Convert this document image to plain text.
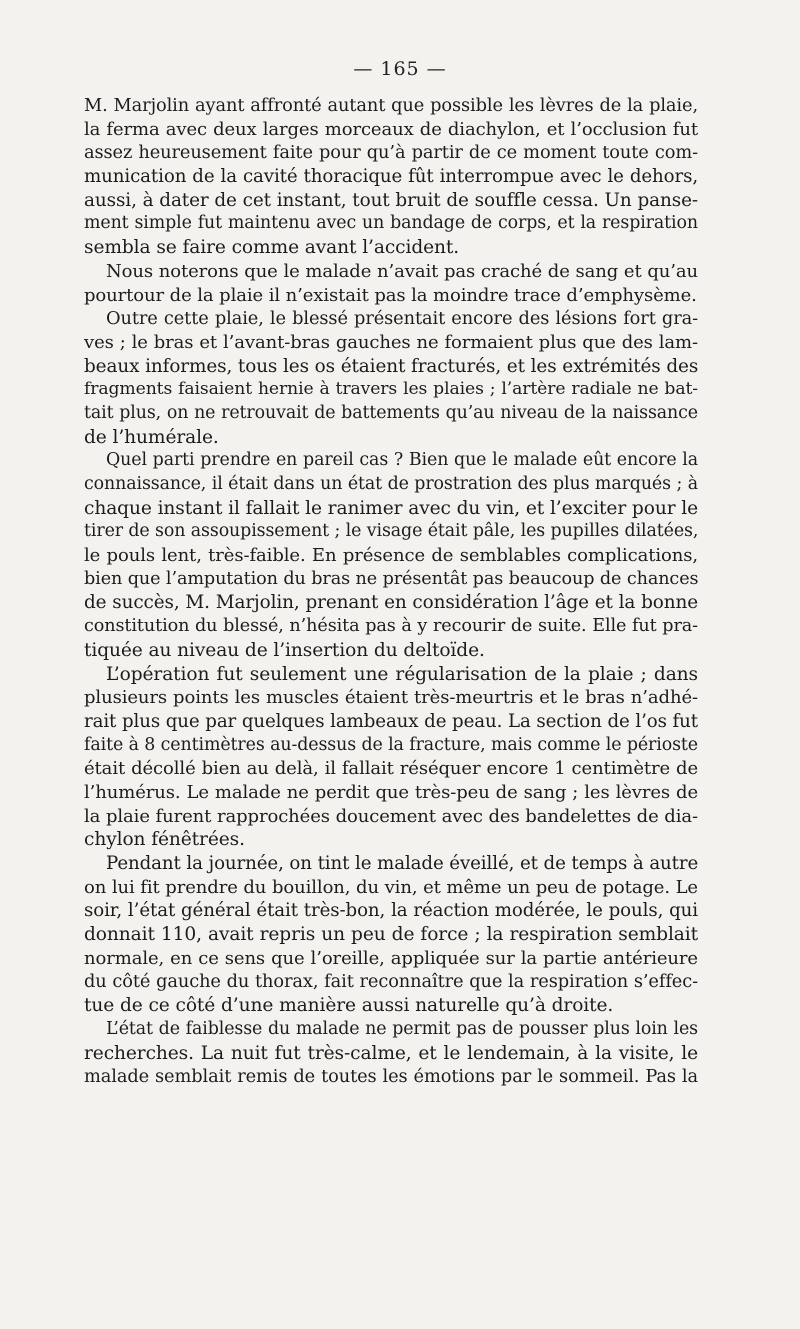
— 165 —
M. Marjolin ayant affronté autant que possible les lèvres de la plaie,
la ferma avec deux larges morceaux de diachylon, et l’occlusion fut
assez heureusement faite pour qu’à partir de ce moment toute com-
munication de la cavité thoracique fût interrompue avec le dehors,
aussi, à dater de cet instant, tout bruit de souffle cessa. Un panse-
ment simple fut maintenu avec un bandage de corps, et la respiration
sembla se faire comme avant l’accident.
Nous noterons que le malade n’avait pas craché de sang et qu’au
pourtour de la plaie il n’existait pas la moindre trace d’emphysème.
Outre cette plaie, le blessé présentait encore des lésions fort gra-
ves ; le bras et l’avant-bras gauches ne formaient plus que des lam-
beaux informes, tous les os étaient fracturés, et les extrémités des
fragments faisaient hernie à travers les plaies ; l’artère radiale ne bat-
tait plus, on ne retrouvait de battements qu’au niveau de la naissance
de l’humérale.
Quel parti prendre en pareil cas ? Bien que le malade eût encore la
connaissance, il était dans un état de prostration des plus marqués ; à
chaque instant il fallait le ranimer avec du vin, et l’exciter pour le
tirer de son assoupissement ; le visage était pâle, les pupilles dilatées,
le pouls lent, très-faible. En présence de semblables complications,
bien que l’amputation du bras ne présentât pas beaucoup de chances
de succès, M. Marjolin, prenant en considération l’âge et la bonne
constitution du blessé, n’hésita pas à y recourir de suite. Elle fut pra-
tiquée au niveau de l’insertion du deltoïde.
L’opération fut seulement une régularisation de la plaie ; dans
plusieurs points les muscles étaient très-meurtris et le bras n’adhé-
rait plus que par quelques lambeaux de peau. La section de l’os fut
faite à 8 centimètres au-dessus de la fracture, mais comme le périoste
était décollé bien au delà, il fallait réséquer encore 1 centimètre de
l’humérus. Le malade ne perdit que très-peu de sang ; les lèvres de
la plaie furent rapprochées doucement avec des bandelettes de dia-
chylon fénêtrées.
Pendant la journée, on tint le malade éveillé, et de temps à autre
on lui fit prendre du bouillon, du vin, et même un peu de potage. Le
soir, l’état général était très-bon, la réaction modérée, le pouls, qui
donnait 110, avait repris un peu de force ; la respiration semblait
normale, en ce sens que l’oreille, appliquée sur la partie antérieure
du côté gauche du thorax, fait reconnaître que la respiration s’effec-
tue de ce côté d’une manière aussi naturelle qu’à droite.
L’état de faiblesse du malade ne permit pas de pousser plus loin les
recherches. La nuit fut très-calme, et le lendemain, à la visite, le
malade semblait remis de toutes les émotions par le sommeil. Pas la
